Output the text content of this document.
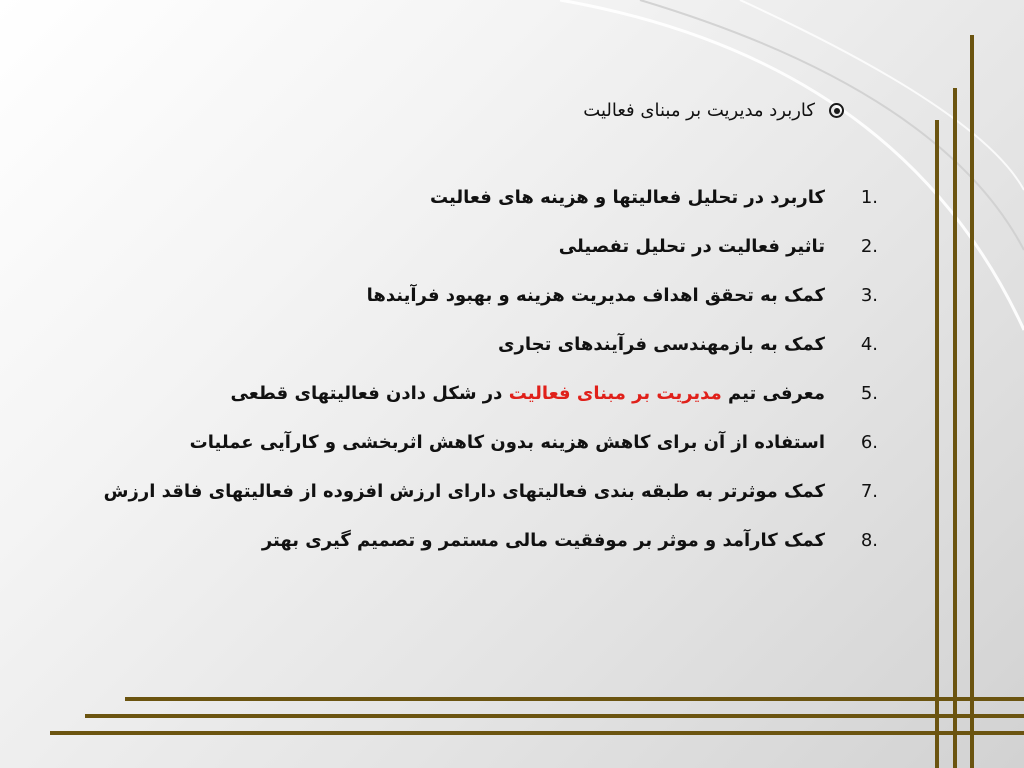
کاربرد مدیریت بر مبنای فعالیت
1.
کاربرد در تحلیل فعالیتها و هزینه های فعالیت
2.
تاثیر فعالیت در تحلیل تفصیلی
3.
کمک به تحقق اهداف مدیریت هزینه و بهبود فرآیندها
4.
کمک به بازمهندسی فرآیندهای تجاری
5.
معرفی تیم مدیریت بر مبنای فعالیت در شکل دادن فعالیتهای قطعی
6.
استفاده از آن برای کاهش هزینه بدون کاهش اثربخشی و کارآیی عملیات
7.
کمک موثرتر به طبقه بندی فعالیتهای دارای ارزش افزوده از فعالیتهای فاقد ارزش
8.
کمک کارآمد و موثر بر موفقیت مالی مستمر و تصمیم گیری بهتر
